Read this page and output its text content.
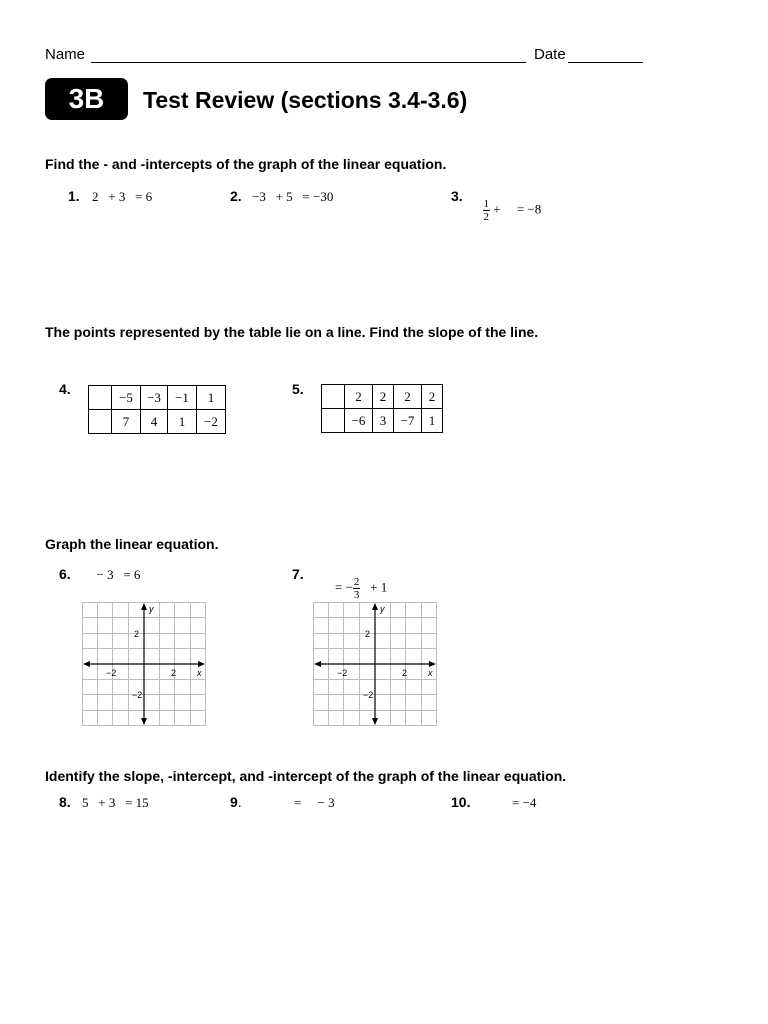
Name	Date
3B	Test Review (sections 3.4-3.6)
Find the - and -intercepts of the graph of the linear equation.
1. 2   + 3   = 6	2. −3   + 5   = −30	3.

$\frac{1}{2}$ +     = −8

The points represented by the table lie on a line. Find the slope of the line.
4.
		−5	−3	−1	1
	7	4	1	−2
5.
		2	2	2	2
	−6	3	−7	1
Graph the linear equation.
6. − 3   = 6	7.

= − $\frac{2}{3} + 1$

y
x
2
−2
2
−2
y
x
2
−2
2
−2
Identify the slope, -intercept, and -intercept of the graph of the linear equation.
8. 5   + 3   = 15	9.	=     − 3	10.	= −4
